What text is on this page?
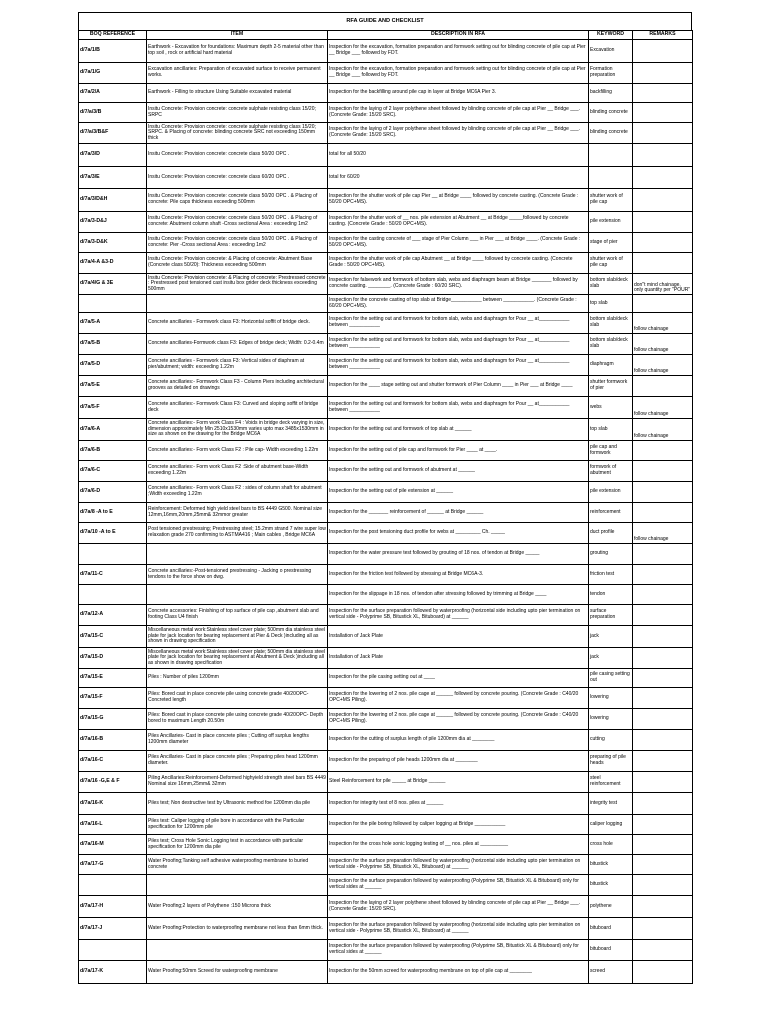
RFA GUIDE AND CHECKLIST
BOQ REFERENCE	ITEM	DESCRIPTION IN RFA	KEYWORD	REMARKS
d/7a/1/B	Earthwork - Excavation for foundations: Maximum depth 2-5 material other than top soil , rock or artificial hard material	Inspection for the excavation, formation preparation and formwork setting out for blinding concrete of pile cap at Pier __ Bridge ___ followed by FDT.	Excavation	
d/7a/1/G	Excavation ancillaries: Preparation of excavated surface to receive permanent works.	Inspection for the excavation, formation preparation and formwork setting out for blinding concrete of pile cap at Pier __ Bridge ___ followed by FDT.	Formation preparation	
d/7a/2/A	Earthwork - Filling to structure Using Suitable excavated material	Inspection for the backfilling around pile cap in layer at Bridge MC6A Pier 3.	backfilling	
d/7/a/3/B	Insitu Concrete: Provision concrete: concrete sulphate resisting class 15/20; SRPC	Inspection for the laying of 2 layer polythene sheet followed by blinding concrete of pile cap at Pier __ Bridge ___. (Concrete Grade: 15/20 SRC).	blinding concrete	
d/7/a/3/B&F	Insitu Concrete: Provision concrete: concrete sulphate resisting class 15/20; SRPC. & Placing of concrete: blinding concrete SRC not exceeding 150mm thick	Inspection for the laying of 2 layer polythene sheet followed by blinding concrete of pile cap at Pier __ Bridge ___. (Concrete Grade: 15/20 SRC).	blinding concrete	
d/7a/3/D	Insitu Concrete: Provision concrete: concrete class 50/20 OPC .	total for all 50/20		
d/7a/3/E	Insitu Concrete: Provision concrete: concrete class 60/20 OPC .	total for 60/20		
d/7a/3/D&H	Insitu Concrete: Provision concrete: concrete class 50/20 OPC . & Placing of concrete: Pile caps thickness exceeding 500mm	Inspection for the shutter work of pile cap Pier __ at Bridge ____ followed by concrete casting. (Concrete Grade : 50/20 OPC+MS).	shutter work of pile cap	
d/7a/3-D&J	Insitu Concrete: Provision concrete: concrete class 50/20 OPC . & Placing of concrete: Abutment column shaft -Cross sectional Area : exceeding 1m2	Inspection for the shutter work of __ nos. pile extension at Abutment __ at Bridge _____followed by concrete casting. (Concrete Grade : 50/20 OPC+MS).	pile extension	
d/7a/3-D&K	Insitu Concrete: Provision concrete: concrete class 50/20 OPC . & Placing of concrete: Pier -Cross sectional Area : exceeding 1m2	Inspection for the casting concrete of ___ stage of Pier Column ___ in Pier ___ at Bridge ____. (Concrete Grade : 50/20 OPC+MS).	stage of pier	
d/7a/4-A &3-D	Insitu Concrete: Provision concrete: & Placing of concrete: Abutment Base (Concrete class 50/20): Thickness exceeding 500mm	Inspection for the shutter work of pile cap Abutment __ at Bridge ____ followed by concrete casting. (Concrete Grade : 50/20 OPC+MS).	shutter work of pile cap	
d/7a/4/G & 3E	Insitu Concrete: Provision concrete: & Placing of concrete: Prestressed concrete : Prestressed post tensioned cast insitu box grider deck thickness exceeding 500mm	Inspection for falsework and formwork of bottom slab, webs and diaphragm beam at Bridge _______ followed by concrete casting. ________. (Concrete Grade : 60/20 SRC).	bottom slab/deck slab	don"t mind chainage, only quantity per "POUR"
		Inspection for the concrete casting of top slab at Bridge___________ between ___________. (Concrete Grade : 60/20 OPC+MS).	top slab	
d/7a/5-A	Concrete ancillaries - Formwork class F3: Horizontal soffit of bridge deck.	Inspection for the setting out and formwork for bottom slab, webs and diaphragm for Pour __ at___________ between ___________	bottom slab/deck slab	follow chainage
d/7a/5-B	Concrete ancillaries-Formwork class F3: Edges of bridge deck; Width: 0.2-0.4m	Inspection for the setting out and formwork for bottom slab, webs and diaphragm for Pour __ at___________ between ___________	bottom slab/deck slab	follow chainage
d/7a/5-D	Concrete ancillaries - Formwork class F3: Vertical sides of diaphram at pier/abutment; width: exceeding 1.22m	Inspection for the setting out and formwork for bottom slab, webs and diaphragm for Pour __ at___________ between ___________	diaphragm	follow chainage
d/7a/5-E	Concrete ancillaries:- Formwork Class F3 - Column Piers including architectural grooves as detailed on drawings	Inspection for the ____ stage setting out and shutter formwork of Pier Column ____ in Pier ___ at Bridge ____	shutter formwork of pier	
d/7a/5-F	Concrete ancillaries:- Formwork Class F3: Curved and sloping soffit of bridge deck	Inspection for the setting out and formwork for bottom slab, webs and diaphragm for Pour __ at___________ between ___________	webs	follow chainage
d/7a/6-A	Concrete ancillaries:- Form work Class F4 : Voids in bridge deck varying in size, dimension approximately Min 2510x1530mm varies upto max 3485x1530mm in size as shown on the drawing for the Bridge MC6A	Inspection for the setting out and formwork of top slab at ______	top slab	follow chainage
d/7a/6-B	Concrete ancillaries:- Form work Class F2 : Pile cap- Width exceeding 1.22m	Inspection for the setting out of pile cap and formwork for Pier ____ at ____.	pile cap and formwork	
d/7a/6-C	Concrete ancillaries:- Form work Class F2 :Side of abutment base-Width exceeding 1.22m	Inspection for the setting out and formwork of abutment at ______	formwork of abutment	
d/7a/6-D	Concrete ancillaries:- Form work Class F2 : sides of column shaft for abutment ;Width exceeding 1.22m	Inspection for the setting out of pile extension at ______	pile extension	
d/7a/8 -A to E	Reinforcement: Deformed high yield steel bars to BS 4449 G500. Nominal size 12mm,16mm,20mm,25mm& 32mmor greater	Inspection for the _______ reinforcement of ______ at Bridge ______	reinforcement	
d/7a/10 -A to E	Post tensioned prestressing; Prestressing steel; 15.2mm strand 7 wire super low relaxation grade 270 confirming to ASTMA416 ; Main cables , Bridge MC6A	Inspection for the post tensioning duct profile for webs at _________ Ch. _____	duct profile	follow chainage
		Inspection for the water pressure test followed by grouting of 18 nos. of tendon at Bridge _____	grouting	
d/7a/11-C	Concrete ancillaries:-Post-tensioned prestressing - Jacking o prestressing tendons to the force show on dwg.	Inspection for the friction test followed by stressing at Bridge MC6A-3.	friction test	
		Inspection for the slippage in 18 nos. of tendon after stressing followed by trimming at Bridge ____	tendon	
d/7a/12-A	Concrete accessories: Finishing of top surface of pile cap ,abutment slab and footing Class U4 finish	Inspection for the surface preparation followed by waterproofing (horizontal side including upto pier termination on vertical side - Polyprime SB, Bitustick XL, Bituboard) at ______	surface preparation	
d/7a/15-C	Miscellaneous metal work:Stainless steel cover plate; 500mm dia stainless steel plate for jack location for bearing replacement at Pier & Deck )including all as shown in drawing specification	Installation of Jack Plate	jack	
d/7a/15-D	Miscellaneous metal work:Stainless steel cover plate; 500mm dia stainless steel plate for jack location for bearing replacement at Abutment & Deck )including all as shown in drawing specification	Installation of Jack Plate	jack	
d/7a/15-E	Piles : Number of piles 1200mm	Inspection for the pile casing setting out at ____	pile casing setting out	
d/7a/15-F	Piles: Bored cast in place concrete pile using concrete grade 40/20OPC-Concreted length	Inspection for the lowering of 2 nos. pile cage at ______ followed by concrete pouring. (Concrete Grade : C40/20 OPC+MS Piling).	lowering	
d/7a/15-G	Piles: Bored cast in place concrete pile using concrete grade 40/20OPC- Depth bored to maximum Length 20.50m	Inspection for the lowering of 2 nos. pile cage at ______ followed by concrete pouring. (Concrete Grade : C40/20 OPC+MS Piling).	lowering	
d/7a/16-B	Piles Ancillaries- Cast in place concrete piles ; Cutting off surplus lengths 1200mm diameter	Inspection for the cutting of surplus length of pile 1200mm dia at ________	cutting	
d/7a/16-C	Piles Ancillaries- Cast in place concrete piles ; Preparing piles head 1200mm diameter.	Inspection for the preparing of pile heads 1200mm dia at ________	preparing of pile heads	
d/7a/16 -G,E & F	Piling Ancillaries:Reinforcement-Deformed highyield strength steel bars BS 4449 Nominal size 16mm,25mm& 32mm	Steel Reinforcement for pile _____ at Bridge ______	steel reinforcement	
d/7a/16-K	Piles test; Non destructive test by Ultrasonic method foe 1200mm dia pile	Inspection for integrity test of 8 nos. piles at ______	integrity test	
d/7a/16-L	Piles test: Caliper logging of pile bore in accordance with the Particular specification for 1200mm pile	Inspection for the pile boring followed by caliper logging at Bridge ___________	caliper logging	
d/7a/16-M	Piles test; Cross Hole Sonic Logging test in accordance with particular specification for 1200mm dia pile	Inspection for the cross hole sonic logging testing of __ nos. piles at __________	cross hole	
d/7a/17-G	Water Proofing;Tanking self adhesive waterproofing membrane to buried concrete	Inspection for the surface preparation followed by waterproofing (horizontal side including upto pier termination on vertical side - Polyprime SB, Bitustick XL, Bituboard) at ______	bitustick	
		Inspection for the surface preparation followed by waterproofing (Polyprime SB, Bitustick XL & Bituboard) only for vertical sides at ______	bitustick	
d/7a/17-H	Water Proofing;2 layers of Polythene :150 Microns thick	Inspection for the laying of 2 layer polythene sheet followed by blinding concrete of pile cap at Pier __ Bridge ___. (Concrete Grade: 15/20 SRC).	polythene	
d/7a/17-J	Water Proofing:Protection to waterproofing membrane not less than 6mm thick.	Inspection for the surface preparation followed by waterproofing (horizontal side including upto pier termination on vertical side - Polyprime SB, Bitustick XL, Bituboard) at ______	bituboard	
		Inspection for the surface preparation followed by waterproofing (Polyprime SB, Bitustick XL & Bituboard) only for vertical sides at ______	bituboard	
d/7a/17-K	Water Proofing:50mm Screed for waterproofing membrane	Inspection for the 50mm screed for waterproofing membrane on top of pile cap at ________	screed	
